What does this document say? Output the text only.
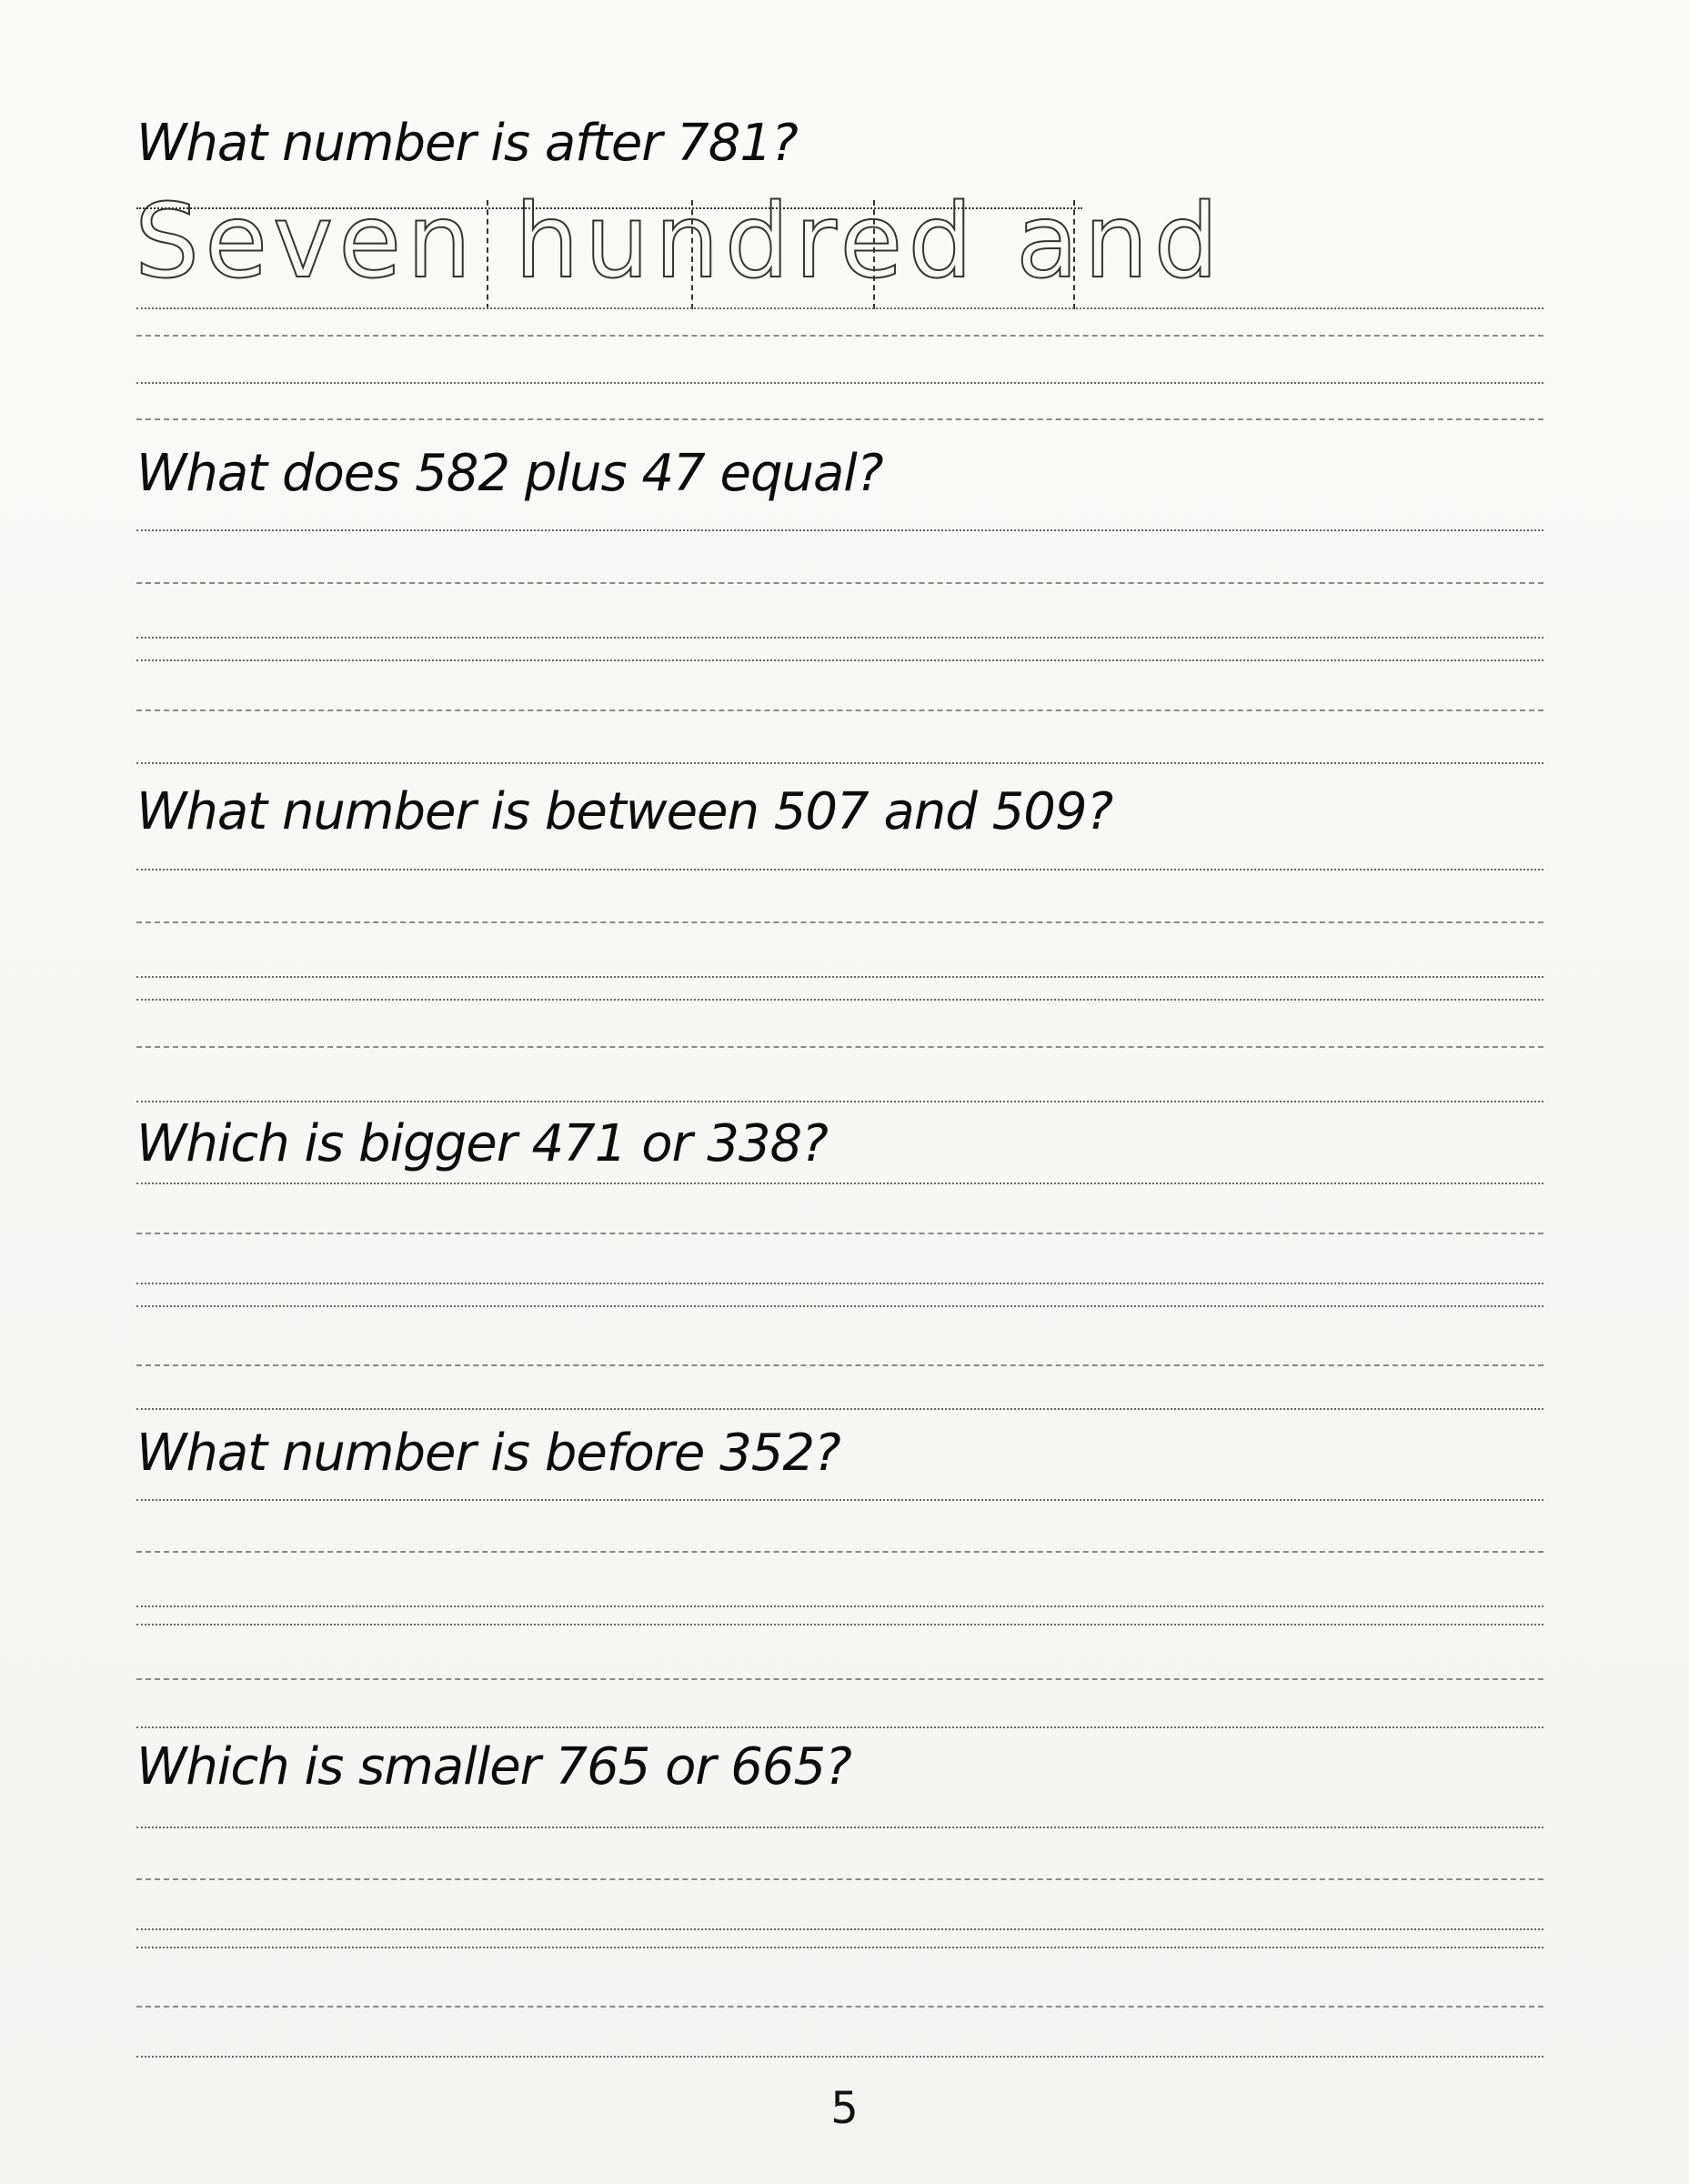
What number is after 781?
Seven hundred and
What does 582 plus 47 equal?
What number is between 507 and 509?
Which is bigger 471 or 338?
What number is before 352?
Which is smaller 765 or 665?
5
